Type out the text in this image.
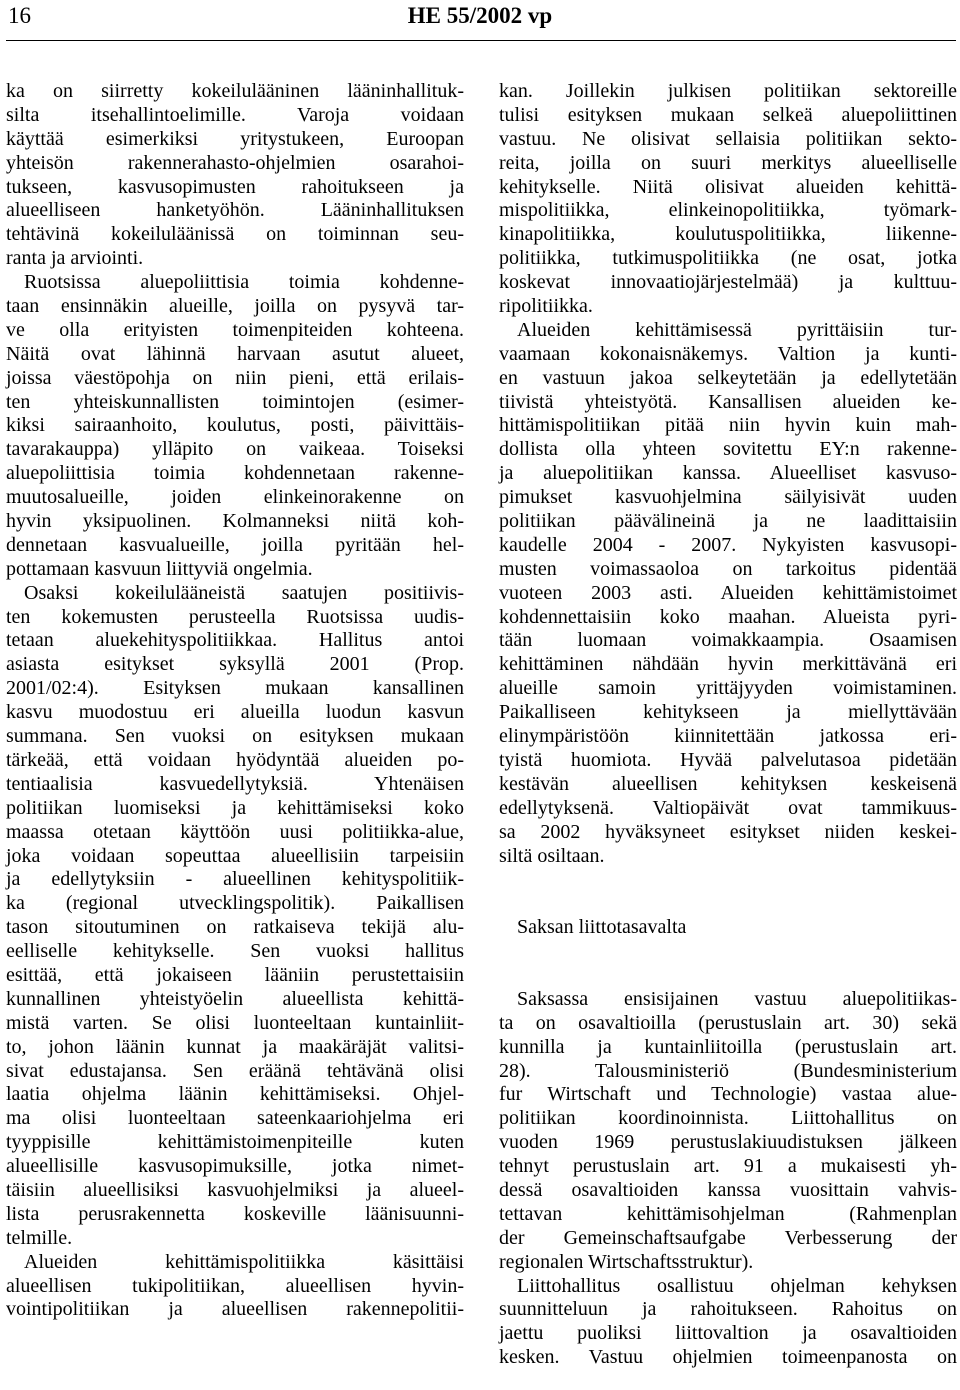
16	HE 55/2002 vp
ka on siirretty kokeilulääninen lääninhallituk-
silta itsehallintoelimille. Varoja voidaan
käyttää esimerkiksi yritystukeen, Euroopan
yhteisön rakennerahasto-ohjelmien osarahoi-
tukseen, kasvusopimusten rahoitukseen ja
alueelliseen hanketyöhön. Lääninhallituksen
tehtävinä kokeiluläänissä on toiminnan seu-
ranta ja arviointi.
Ruotsissa aluepoliittisia toimia kohdenne-
taan ensinnäkin alueille, joilla on pysyvä tar-
ve olla erityisten toimenpiteiden kohteena.
Näitä ovat lähinnä harvaan asutut alueet,
joissa väestöpohja on niin pieni, että erilais-
ten yhteiskunnallisten toimintojen (esimer-
kiksi sairaanhoito, koulutus, posti, päivittäis-
tavarakauppa) ylläpito on vaikeaa. Toiseksi
aluepoliittisia toimia kohdennetaan rakenne-
muutosalueille, joiden elinkeinorakenne on
hyvin yksipuolinen. Kolmanneksi niitä koh-
dennetaan kasvualueille, joilla pyritään hel-
pottamaan kasvuun liittyviä ongelmia.
Osaksi kokeilulääneistä saatujen positiivis-
ten kokemusten perusteella Ruotsissa uudis-
tetaan aluekehityspolitiikkaa. Hallitus antoi
asiasta esitykset syksyllä 2001 (Prop.
2001/02:4). Esityksen mukaan kansallinen
kasvu muodostuu eri alueilla luodun kasvun
summana. Sen vuoksi on esityksen mukaan
tärkeää, että voidaan hyödyntää alueiden po-
tentiaalisia kasvuedellytyksiä. Yhtenäisen
politiikan luomiseksi ja kehittämiseksi koko
maassa otetaan käyttöön uusi politiikka-alue,
joka voidaan sopeuttaa alueellisiin tarpeisiin
ja edellytyksiin - alueellinen kehityspolitiik-
ka (regional utvecklingspolitik). Paikallisen
tason sitoutuminen on ratkaiseva tekijä alu-
eelliselle kehitykselle. Sen vuoksi hallitus
esittää, että jokaiseen lääniin perustettaisiin
kunnallinen yhteistyöelin alueellista kehittä-
mistä varten. Se olisi luonteeltaan kuntainliit-
to, johon läänin kunnat ja maakäräjät valitsi-
sivat edustajansa. Sen eräänä tehtävänä olisi
laatia ohjelma läänin kehittämiseksi. Ohjel-
ma olisi luonteeltaan sateenkaariohjelma eri
tyyppisille kehittämistoimenpiteille kuten
alueellisille kasvusopimuksille, jotka nimet-
täisiin alueellisiksi kasvuohjelmiksi ja alueel-
lista perusrakennetta koskeville läänisuunni-
telmille.
Alueiden kehittämispolitiikka käsittäisi
alueellisen tukipolitiikan, alueellisen hyvin-
vointipolitiikan ja alueellisen rakennepolitii-
kan. Joillekin julkisen politiikan sektoreille
tulisi esityksen mukaan selkeä aluepoliittinen
vastuu. Ne olisivat sellaisia politiikan sekto-
reita, joilla on suuri merkitys alueelliselle
kehitykselle. Niitä olisivat alueiden kehittä-
mispolitiikka, elinkeinopolitiikka, työmark-
kinapolitiikka, koulutuspolitiikka, liikenne-
politiikka, tutkimuspolitiikka (ne osat, jotka
koskevat innovaatiojärjestelmää) ja kulttuu-
ripolitiikka.
Alueiden kehittämisessä pyrittäisiin tur-
vaamaan kokonaisnäkemys. Valtion ja kunti-
en vastuun jakoa selkeytetään ja edellytetään
tiivistä yhteistyötä. Kansallisen alueiden ke-
hittämispolitiikan pitää niin hyvin kuin mah-
dollista olla yhteen sovitettu EY:n rakenne-
ja aluepolitiikan kanssa. Alueelliset kasvuso-
pimukset kasvuohjelmina säilyisivät uuden
politiikan päävälineinä ja ne laadittaisiin
kaudelle 2004 - 2007. Nykyisten kasvusopi-
musten voimassaoloa on tarkoitus pidentää
vuoteen 2003 asti. Alueiden kehittämistoimet
kohdennettaisiin koko maahan. Alueista pyri-
tään luomaan voimakkaampia. Osaamisen
kehittäminen nähdään hyvin merkittävänä eri
alueille samoin yrittäjyyden voimistaminen.
Paikalliseen kehitykseen ja miellyttävään
elinympäristöön kiinnitettään jatkossa eri-
tyistä huomiota. Hyvää palvelutasoa pidetään
kestävän alueellisen kehityksen keskeisenä
edellytyksenä. Valtiopäivät ovat tammikuus-
sa 2002 hyväksyneet esitykset niiden keskei-
siltä osiltaan.
Saksan liittotasavalta
Saksassa ensisijainen vastuu aluepolitiikas-
ta on osavaltioilla (perustuslain art. 30) sekä
kunnilla ja kuntainliitoilla (perustuslain art.
28). Talousministeriö (Bundesministerium
fur Wirtschaft und Technologie) vastaa alue-
politiikan koordinoinnista. Liittohallitus on
vuoden 1969 perustuslakiuudistuksen jälkeen
tehnyt perustuslain art. 91 a mukaisesti yh-
dessä osavaltioiden kanssa vuosittain vahvis-
tettavan kehittämisohjelman (Rahmenplan
der Gemeinschaftsaufgabe Verbesserung der
regionalen Wirtschaftsstruktur).
Liittohallitus osallistuu ohjelman kehyksen
suunnitteluun ja rahoitukseen. Rahoitus on
jaettu puoliksi liittovaltion ja osavaltioiden
kesken. Vastuu ohjelmien toimeenpanosta on
